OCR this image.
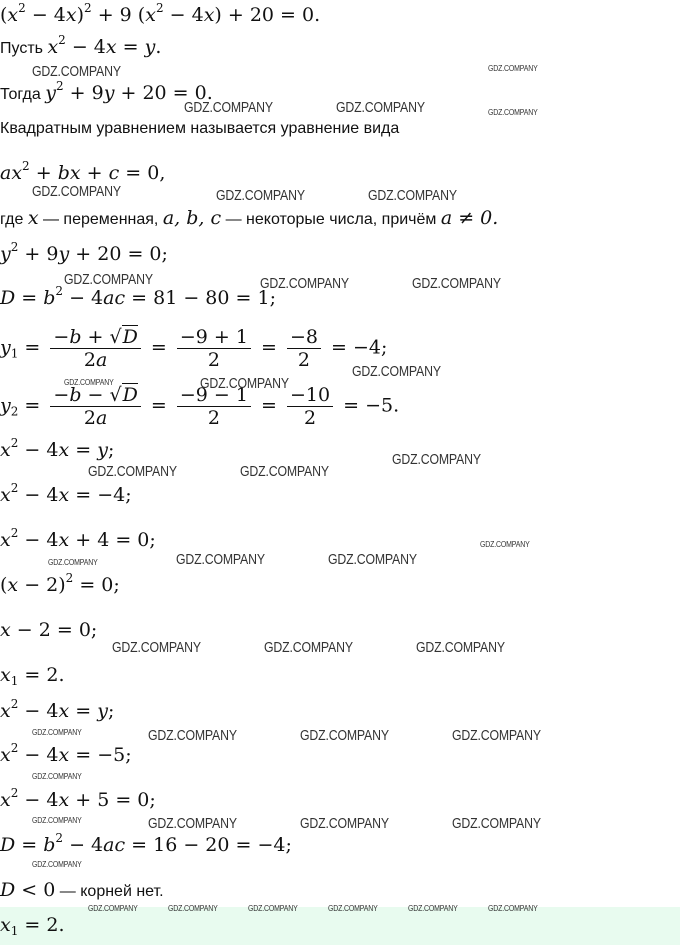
$(x^2 - 4x)^2 + 9$ $(x^2 - 4x) + 20 = 0$.
Пусть $x^2 - 4x = y$.
Тогда $y^2 + 9y + 20 = 0$.
Квадратным уравнением называется уравнение вида
$ax^2$ + bx + c = 0,
где x — переменная, a, b, c — некоторые числа, причём a ≠ 0.
$y^2 + 9y + 20 = 0$;
$D = b^2 - 4ac = 81 - 80 = 1$;
$y_1 = \frac{-b + √D}{2a} = \frac{-9 + 1}{2} = \frac{-8}{2} = -4$;
$y_2 = \frac{-b - √D}{2a} = \frac{-9 - 1}{2} = \frac{-10}{2} = -5$.
$x^2 - 4x = y$;
$x^2 - 4x = -4$;
$x^2 - 4x + 4 = 0$;
$(x - 2)^2 = 0$;
x − 2 = 0;
$x_1 = 2$.
$x^2 - 4x = y$;
$x^2 - 4x = -5$;
$x^2 - 4x + 5 = 0$;
$D = b^2 - 4ac = 16 - 20 = -4$;
D < 0 — корней нет.
$x_1 = 2$.
GDZ.COMPANY	GDZ.COMPANY
GDZ.COMPANY	GDZ.COMPANY	GDZ.COMPANY
GDZ.COMPANY	GDZ.COMPANY	GDZ.COMPANY
GDZ.COMPANY	GDZ.COMPANY	GDZ.COMPANY
GDZ.COMPANY
GDZ.COMPANY	GDZ.COMPANY
GDZ.COMPANY
GDZ.COMPANY	GDZ.COMPANY
GDZ.COMPANY
GDZ.COMPANY	GDZ.COMPANY	GDZ.COMPANY
GDZ.COMPANY	GDZ.COMPANY	GDZ.COMPANY
GDZ.COMPANY	GDZ.COMPANY	GDZ.COMPANY	GDZ.COMPANY
GDZ.COMPANY
GDZ.COMPANY	GDZ.COMPANY	GDZ.COMPANY	GDZ.COMPANY
GDZ.COMPANY
GDZ.COMPANY	GDZ.COMPANY	GDZ.COMPANY	GDZ.COMPANY	GDZ.COMPANY	GDZ.COMPANY
